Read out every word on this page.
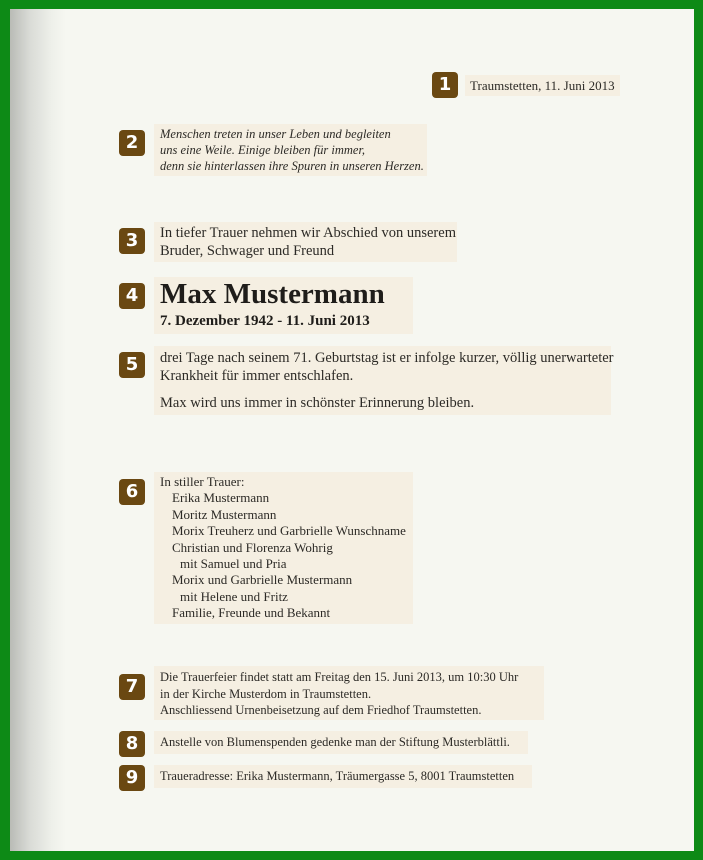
1	Traumstetten, 11. Juni 2013
2	Menschen treten in unser Leben und begleiten
uns eine Weile. Einige bleiben für immer,
denn sie hinterlassen ihre Spuren in unseren Herzen.
3	In tiefer Trauer nehmen wir Abschied von unserem
Bruder, Schwager und Freund
4 Max Mustermann
7. Dezember 1942 - 11. Juni 2013
5	drei Tage nach seinem 71. Geburtstag ist er infolge kurzer, völlig unerwarteter
Krankheit für immer entschlafen.
Max wird uns immer in schönster Erinnerung bleiben.
6	In stiller Trauer:
Erika Mustermann
Moritz Mustermann
Morix Treuherz und Garbrielle Wunschname
Christian und Florenza Wohrig
mit Samuel und Pria
Morix und Garbrielle Mustermann
mit Helene und Fritz
Familie, Freunde und Bekannt
7	Die Trauerfeier findet statt am Freitag den 15. Juni 2013, um 10:30 Uhr
in der Kirche Musterdom in Traumstetten.
Anschliessend Urnenbeisetzung auf dem Friedhof Traumstetten.
8	Anstelle von Blumenspenden gedenke man der Stiftung Musterblättli.
9	Traueradresse: Erika Mustermann, Träumergasse 5, 8001 Traumstetten
